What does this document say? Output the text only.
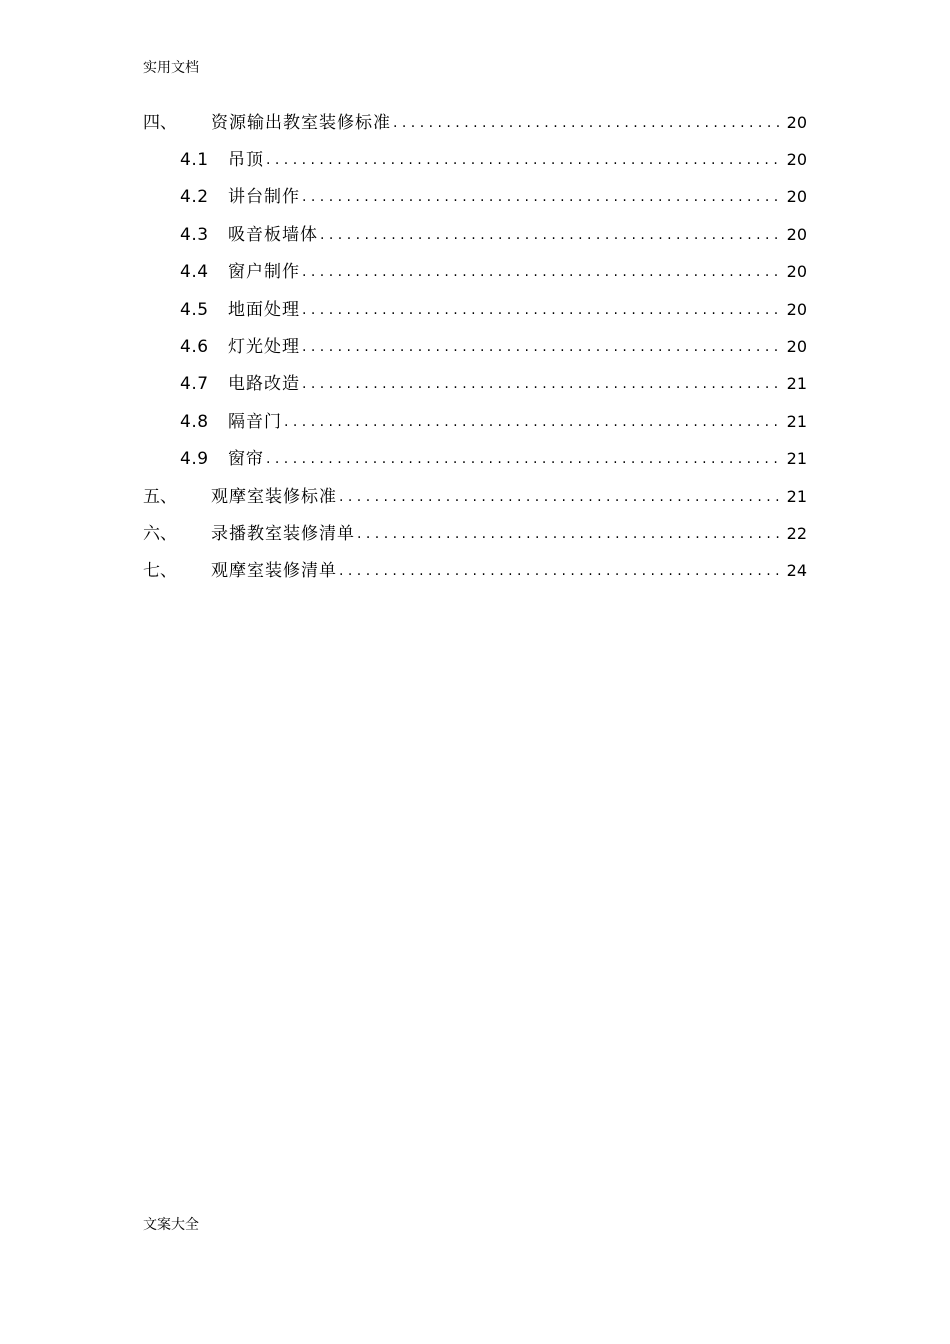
实用文档
四、	资源输出教室装修标准 . . .	20
4.1	吊顶 . . .	20
4.2	讲台制作 . . .	20
4.3	吸音板墙体 . . .	20
4.4	窗户制作 . . .	20
4.5	地面处理 . . .	20
4.6	灯光处理 . . .	20
4.7	电路改造 . . .	21
4.8	隔音门 . . .	21
4.9	窗帘 . . .	21
五、	观摩室装修标准 . . .	21
六、	录播教室装修清单 . . .	22
七、	观摩室装修清单 . . .	24
文案大全
